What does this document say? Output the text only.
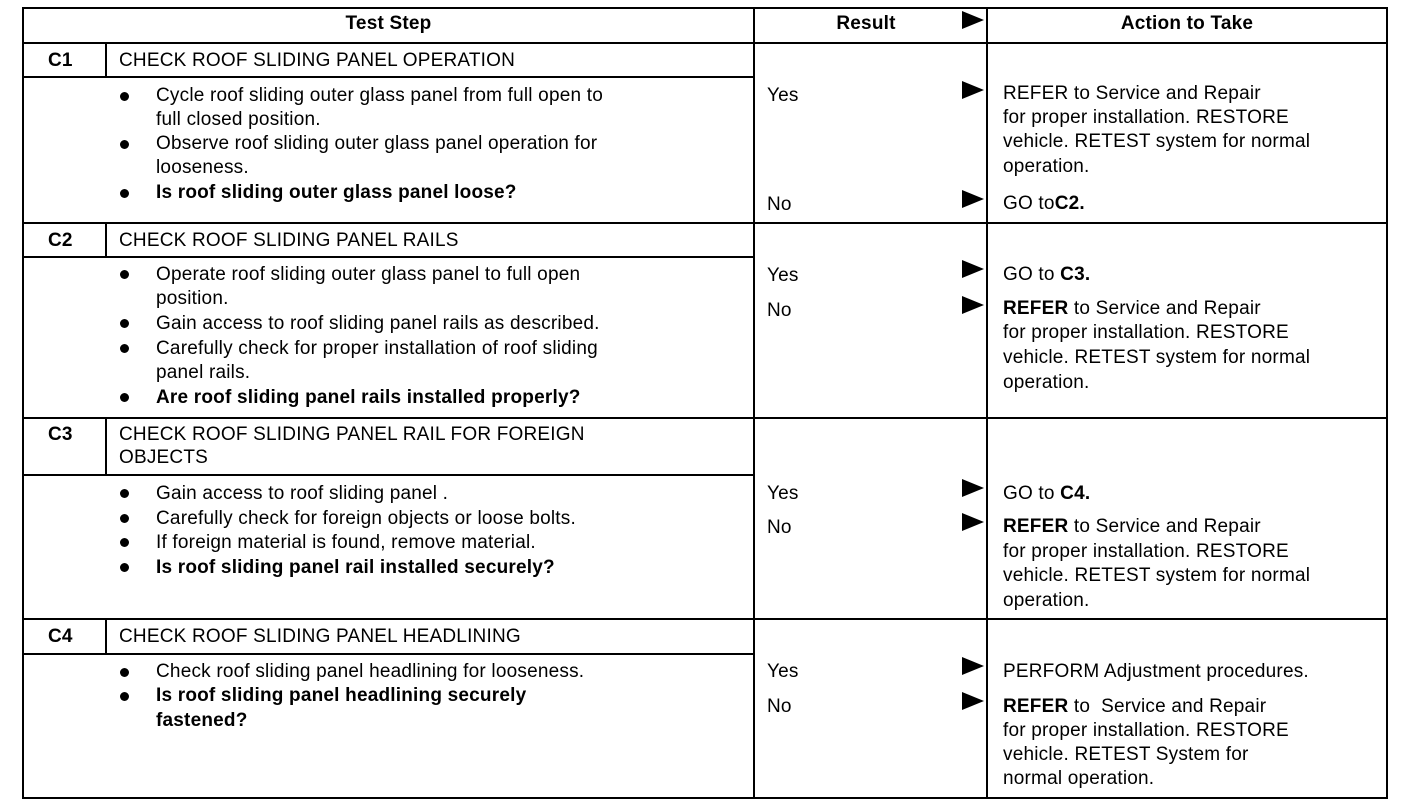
Test Step	Result	Action to Take
C1 CHECK ROOF SLIDING PANEL OPERATION
Cycle roof sliding outer glass panel from full open to
full closed position.
Observe roof sliding outer glass panel operation for
looseness.
Is roof sliding outer glass panel loose?
Yes	REFER to Service and Repair
for proper installation. RESTORE
vehicle. RETEST system for normal
operation.
No	GO toC2.
C2 CHECK ROOF SLIDING PANEL RAILS
Operate roof sliding outer glass panel to full open
position.
Gain access to roof sliding panel rails as described.
Carefully check for proper installation of roof sliding
panel rails.
Are roof sliding panel rails installed properly?
Yes	GO to C3.
No	REFER to Service and Repair
for proper installation. RESTORE
vehicle. RETEST system for normal
operation.
C3 CHECK ROOF SLIDING PANEL RAIL FOR FOREIGN
OBJECTS
Gain access to roof sliding panel .
Carefully check for foreign objects or loose bolts.
If foreign material is found, remove material.
Is roof sliding panel rail installed securely?
Yes	GO to C4.
No	REFER to Service and Repair
for proper installation. RESTORE
vehicle. RETEST system for normal
operation.
C4 CHECK ROOF SLIDING PANEL HEADLINING
Check roof sliding panel headlining for looseness.
Is roof sliding panel headlining securely
fastened?
Yes	PERFORM Adjustment procedures.
No	REFER to  Service and Repair
for proper installation. RESTORE
vehicle. RETEST System for
normal operation.
